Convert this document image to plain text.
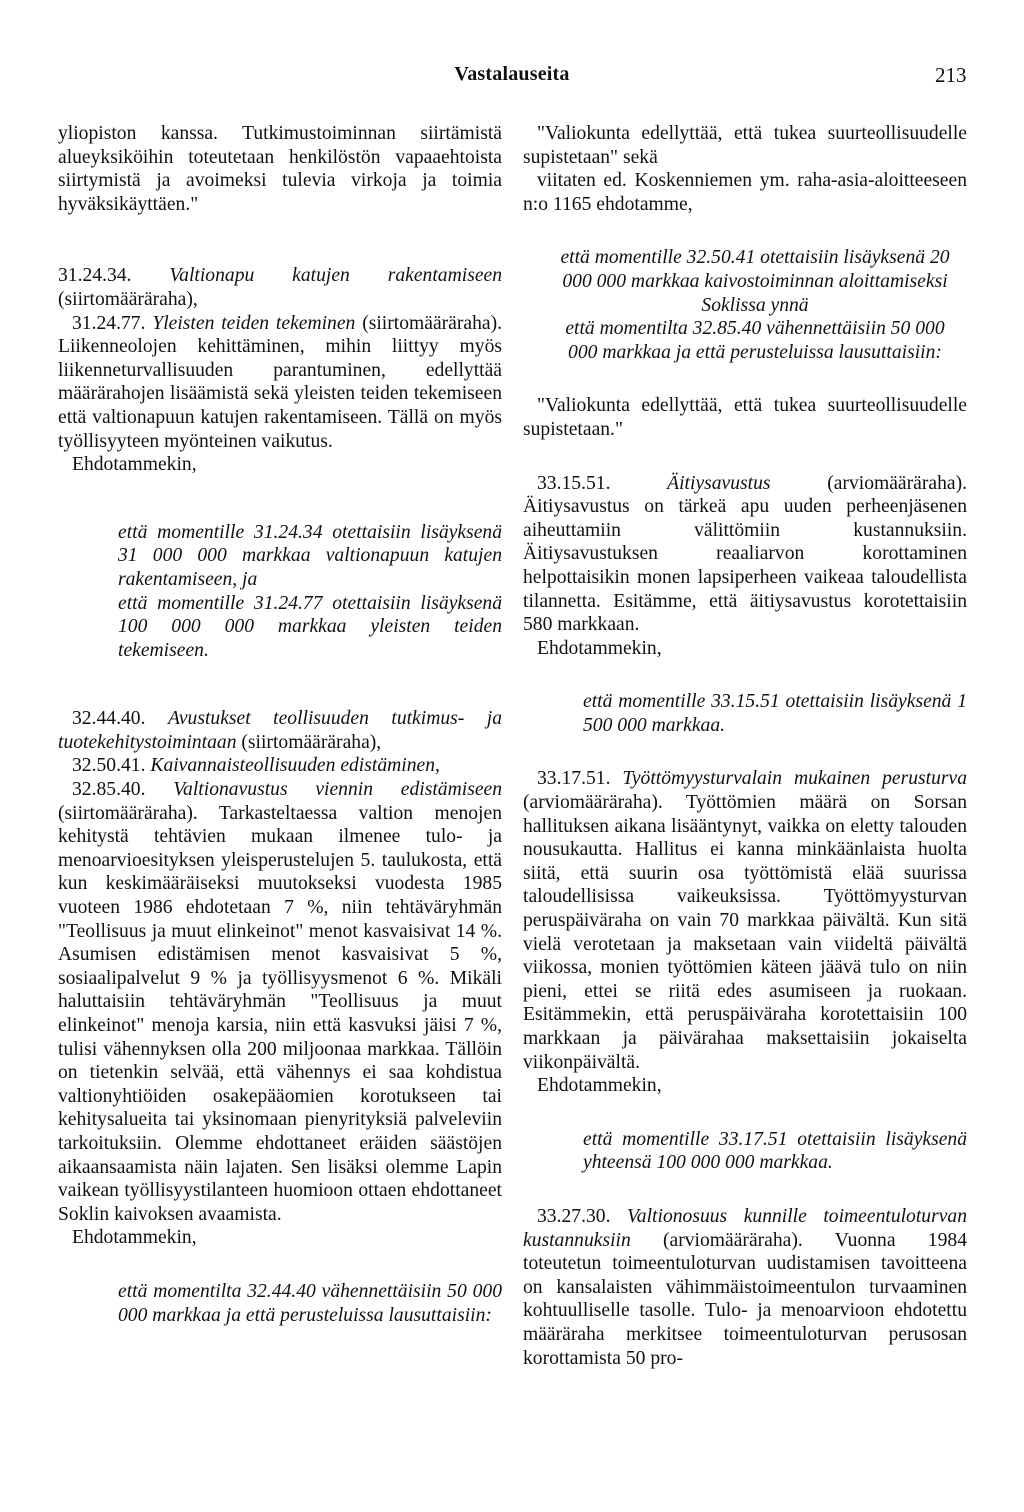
Vastalauseita	213

yliopiston kanssa. Tutkimustoiminnan siirtämistä alueyksiköihin toteutetaan henkilöstön vapaaehtoista siirtymistä ja avoimeksi tulevia virkoja ja toimia hyväksikäyttäen."

31.24.34. Valtionapu katujen rakentamiseen (siirtomääräraha),

31.24.77. Yleisten teiden tekeminen (siirtomääräraha). Liikenneolojen kehittäminen, mihin liittyy myös liikenneturvallisuuden parantuminen, edellyttää määrärahojen lisäämistä sekä yleisten teiden tekemiseen että valtionapuun katujen rakentamiseen. Tällä on myös työllisyyteen myönteinen vaikutus.

Ehdotammekin,

että momentille 31.24.34 otettaisiin lisäyksenä 31 000 000 markkaa valtionapuun katujen rakentamiseen, ja

että momentille 31.24.77 otettaisiin lisäyksenä 100 000 000 markkaa yleisten teiden tekemiseen.

32.44.40. Avustukset teollisuuden tutkimus- ja tuotekehitystoimintaan (siirtomääräraha),

32.50.41. Kaivannaisteollisuuden edistäminen,

32.85.40. Valtionavustus viennin edistämiseen (siirtomääräraha). Tarkasteltaessa valtion menojen kehitystä tehtävien mukaan ilmenee tulo- ja menoarvioesityksen yleisperustelujen 5. taulukosta, että kun keskimääräiseksi muutokseksi vuodesta 1985 vuoteen 1986 ehdotetaan 7 %, niin tehtäväryhmän "Teollisuus ja muut elinkeinot" menot kasvaisivat 14 %. Asumisen edistämisen menot kasvaisivat 5 %, sosiaalipalvelut 9 % ja työllisyysmenot 6 %. Mikäli haluttaisiin tehtäväryhmän "Teollisuus ja muut elinkeinot" menoja karsia, niin että kasvuksi jäisi 7 %, tulisi vähennyksen olla 200 miljoonaa markkaa. Tällöin on tietenkin selvää, että vähennys ei saa kohdistua valtionyhtiöiden osakepääomien korotukseen tai kehitysalueita tai yksinomaan pienyrityksiä palveleviin tarkoituksiin. Olemme ehdottaneet eräiden säästöjen aikaansaamista näin lajaten. Sen lisäksi olemme Lapin vaikean työllisyystilanteen huomioon ottaen ehdottaneet Soklin kaivoksen avaamista.

Ehdotammekin,

että momentilta 32.44.40 vähennettäisiin 50 000 000 markkaa ja että perusteluissa lausuttaisiin:

"Valiokunta edellyttää, että tukea suurteollisuudelle supistetaan" sekä

viitaten ed. Koskenniemen ym. raha-asia-aloitteeseen n:o 1165 ehdotamme,

että momentille 32.50.41 otettaisiin lisäyksenä 20 000 000 markkaa kaivostoiminnan aloittamiseksi Soklissa ynnä

että momentilta 32.85.40 vähennettäisiin 50 000 000 markkaa ja että perusteluissa lausuttaisiin:

"Valiokunta edellyttää, että tukea suurteollisuudelle supistetaan."

33.15.51. Äitiysavustus (arviomääräraha). Äitiysavustus on tärkeä apu uuden perheenjäsenen aiheuttamiin välittömiin kustannuksiin. Äitiysavustuksen reaaliarvon korottaminen helpottaisikin monen lapsiperheen vaikeaa taloudellista tilannetta. Esitämme, että äitiysavustus korotettaisiin 580 markkaan.

Ehdotammekin,

että momentille 33.15.51 otettaisiin lisäyksenä 1 500 000 markkaa.

33.17.51. Työttömyysturvalain mukainen perusturva (arviomääräraha). Työttömien määrä on Sorsan hallituksen aikana lisääntynyt, vaikka on eletty talouden nousukautta. Hallitus ei kanna minkäänlaista huolta siitä, että suurin osa työttömistä elää suurissa taloudellisissa vaikeuksissa. Työttömyysturvan peruspäiväraha on vain 70 markkaa päivältä. Kun sitä vielä verotetaan ja maksetaan vain viideltä päivältä viikossa, monien työttömien käteen jäävä tulo on niin pieni, ettei se riitä edes asumiseen ja ruokaan. Esitämmekin, että peruspäiväraha korotettaisiin 100 markkaan ja päivärahaa maksettaisiin jokaiselta viikonpäivältä.

Ehdotammekin,

että momentille 33.17.51 otettaisiin lisäyksenä yhteensä 100 000 000 markkaa.

33.27.30. Valtionosuus kunnille toimeentuloturvan kustannuksiin (arviomääräraha). Vuonna 1984 toteutetun toimeentuloturvan uudistamisen tavoitteena on kansalaisten vähimmäistoimeentulon turvaaminen kohtuulliselle tasolle. Tulo- ja menoarvioon ehdotettu määräraha merkitsee toimeentuloturvan perusosan korottamista 50 pro-
